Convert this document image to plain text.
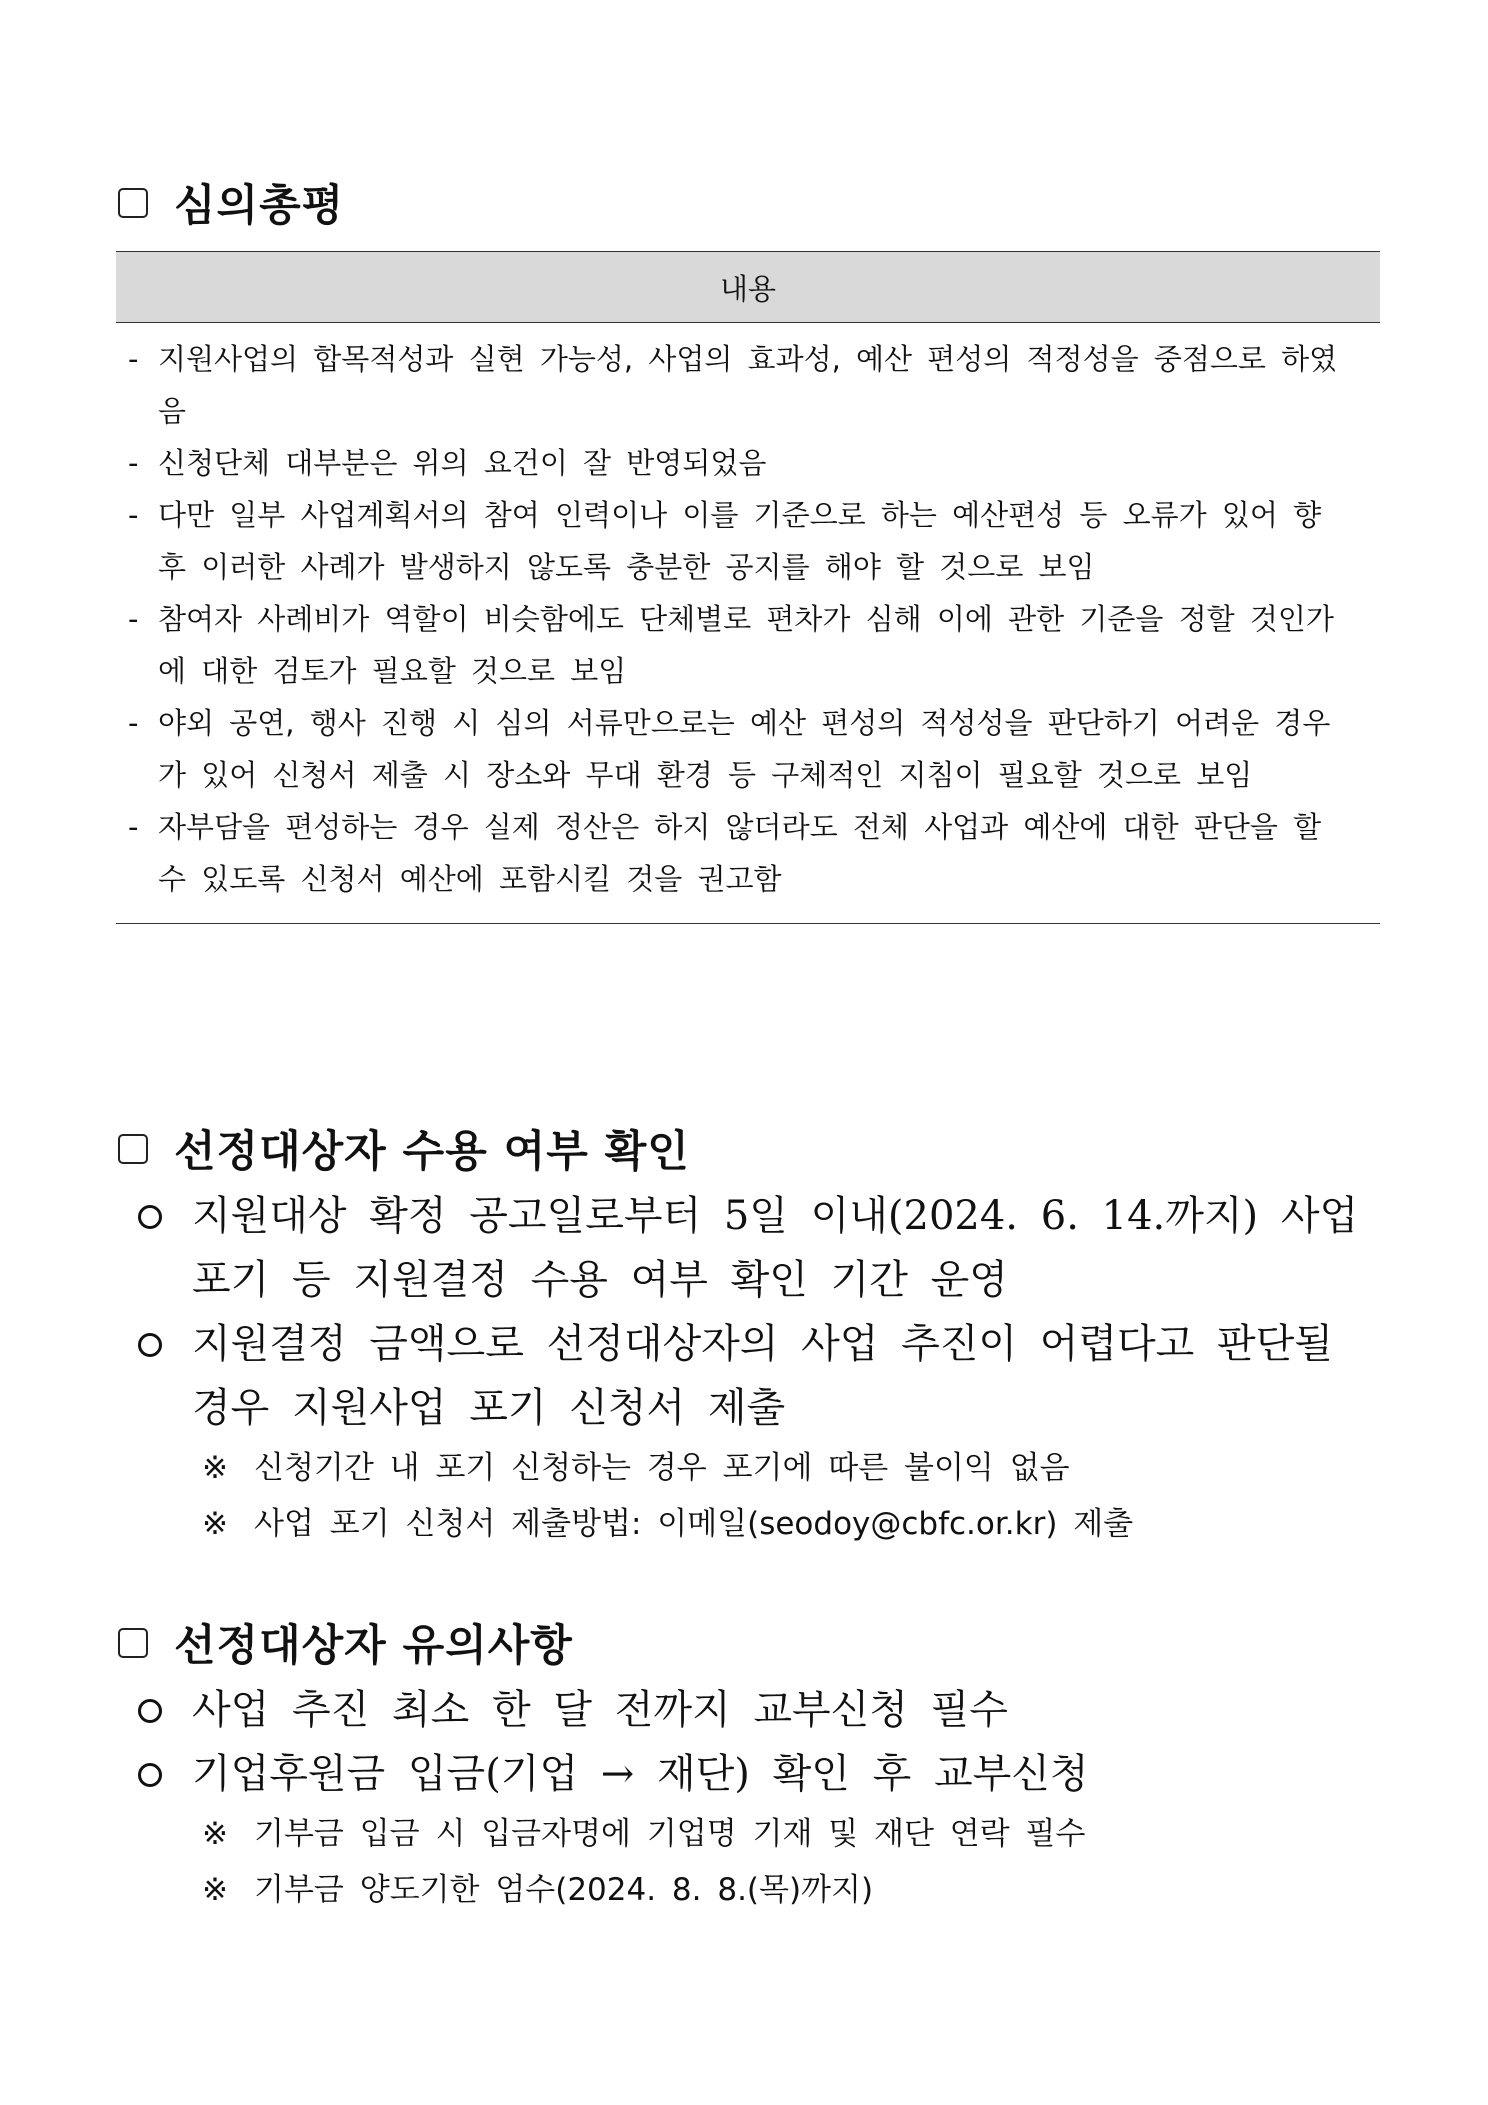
심의총평
내용
- 지원사업의 합목적성과 실현 가능성, 사업의 효과성, 예산 편성의 적정성을 중점으로 하였음
- 신청단체 대부분은 위의 요건이 잘 반영되었음
- 다만 일부 사업계획서의 참여 인력이나 이를 기준으로 하는 예산편성 등 오류가 있어 향후 이러한 사례가 발생하지 않도록 충분한 공지를 해야 할 것으로 보임
- 참여자 사례비가 역할이 비슷함에도 단체별로 편차가 심해 이에 관한 기준을 정할 것인가에 대한 검토가 필요할 것으로 보임
- 야외 공연, 행사 진행 시 심의 서류만으로는 예산 편성의 적성성을 판단하기 어려운 경우가 있어 신청서 제출 시 장소와 무대 환경 등 구체적인 지침이 필요할 것으로 보임
- 자부담을 편성하는 경우 실제 정산은 하지 않더라도 전체 사업과 예산에 대한 판단을 할 수 있도록 신청서 예산에 포함시킬 것을 권고함
선정대상자 수용 여부 확인
지원대상 확정 공고일로부터 5일 이내(2024. 6. 14.까지) 사업 포기 등 지원결정 수용 여부 확인 기간 운영
지원결정 금액으로 선정대상자의 사업 추진이 어렵다고 판단될 경우 지원사업 포기 신청서 제출
※ 신청기간 내 포기 신청하는 경우 포기에 따른 불이익 없음
※ 사업 포기 신청서 제출방법: 이메일(seodoy@cbfc.or.kr) 제출
선정대상자 유의사항
사업 추진 최소 한 달 전까지 교부신청 필수
기업후원금 입금(기업 → 재단) 확인 후 교부신청
※ 기부금 입금 시 입금자명에 기업명 기재 및 재단 연락 필수
※ 기부금 양도기한 엄수(2024. 8. 8.(목)까지)
